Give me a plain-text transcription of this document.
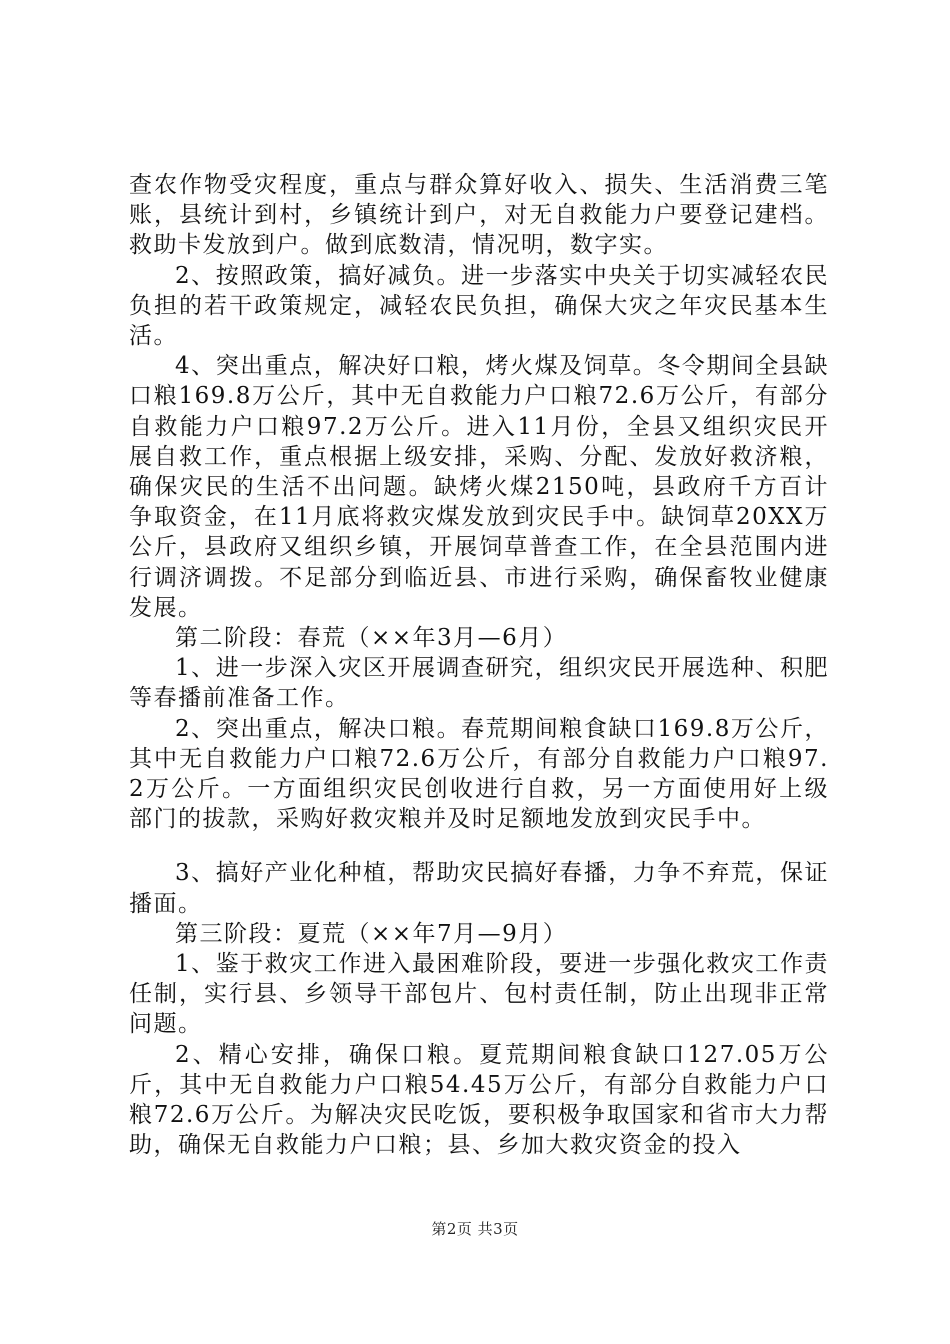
查农作物受灾程度，重点与群众算好收入、损失、生活消费三笔账，县统计到村，乡镇统计到户，对无自救能力户要登记建档。救助卡发放到户。做到底数清，情况明，数字实。

2、按照政策，搞好减负。进一步落实中央关于切实减轻农民负担的若干政策规定，减轻农民负担，确保大灾之年灾民基本生活。

4、突出重点，解决好口粮，烤火煤及饲草。冬令期间全县缺口粮169.8万公斤，其中无自救能力户口粮72.6万公斤，有部分自救能力户口粮97.2万公斤。进入11月份，全县又组织灾民开展自救工作，重点根据上级安排，采购、分配、发放好救济粮，确保灾民的生活不出问题。缺烤火煤2150吨，县政府千方百计争取资金，在11月底将救灾煤发放到灾民手中。缺饲草20XX万公斤，县政府又组织乡镇，开展饲草普查工作，在全县范围内进行调济调拨。不足部分到临近县、市进行采购，确保畜牧业健康发展。

第二阶段：春荒（××年3月—6月）

1、进一步深入灾区开展调查研究，组织灾民开展选种、积肥等春播前准备工作。

2、突出重点，解决口粮。春荒期间粮食缺口169.8万公斤，其中无自救能力户口粮72.6万公斤，有部分自救能力户口粮97.2万公斤。一方面组织灾民创收进行自救，另一方面使用好上级部门的拔款，采购好救灾粮并及时足额地发放到灾民手中。

3、搞好产业化种植，帮助灾民搞好春播，力争不弃荒，保证播面。

第三阶段：夏荒（××年7月—9月）

1、鉴于救灾工作进入最困难阶段，要进一步强化救灾工作责任制，实行县、乡领导干部包片、包村责任制，防止出现非正常问题。

2、精心安排，确保口粮。夏荒期间粮食缺口127.05万公斤，其中无自救能力户口粮54.45万公斤，有部分自救能力户口粮72.6万公斤。为解决灾民吃饭，要积极争取国家和省市大力帮助，确保无自救能力户口粮；县、乡加大救灾资金的投入

第2页 共3页
